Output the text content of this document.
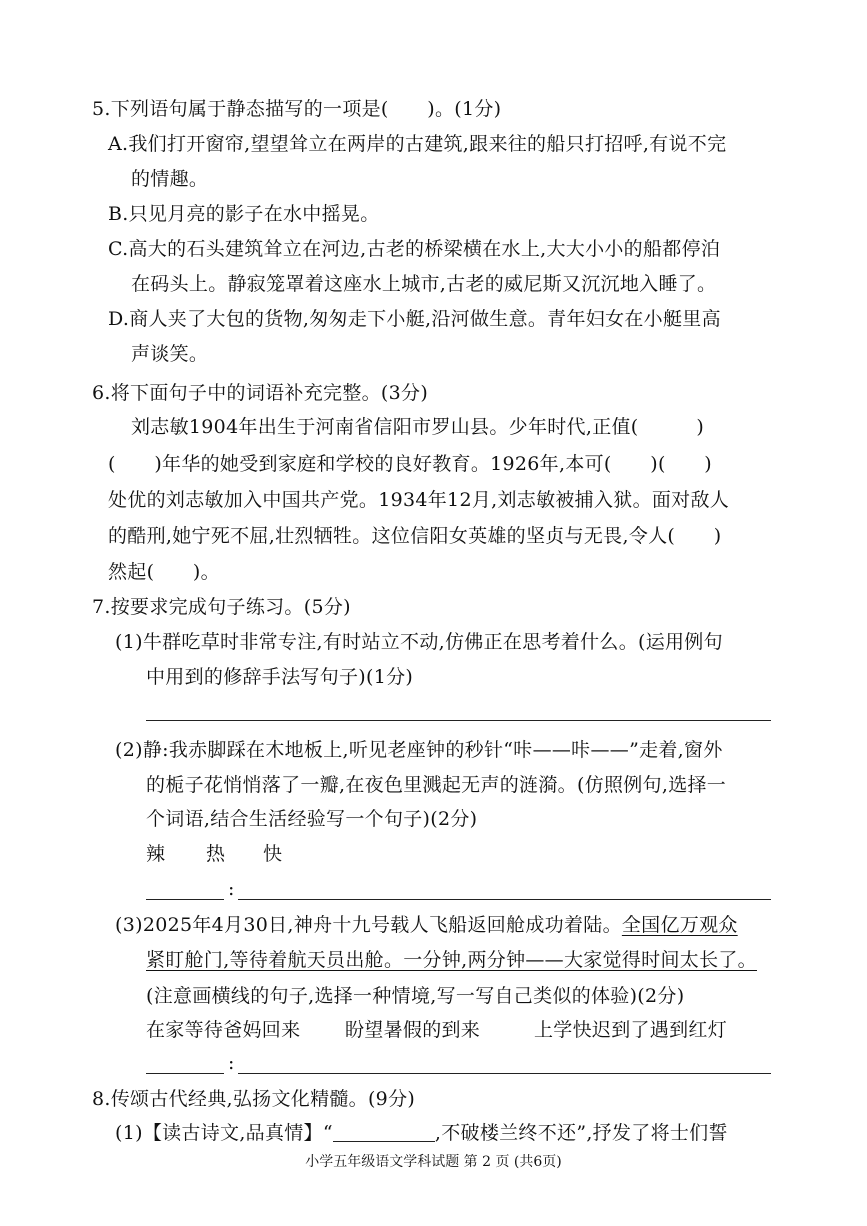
5.下列语句属于静态描写的一项是(　　)。(1分)
A.我们打开窗帘,望望耸立在两岸的古建筑,跟来往的船只打招呼,有说不完
的情趣。
B.只见月亮的影子在水中摇晃。
C.高大的石头建筑耸立在河边,古老的桥梁横在水上,大大小小的船都停泊
在码头上。静寂笼罩着这座水上城市,古老的威尼斯又沉沉地入睡了。
D.商人夹了大包的货物,匆匆走下小艇,沿河做生意。青年妇女在小艇里高
声谈笑。
6.将下面句子中的词语补充完整。(3分)
刘志敏1904年出生于河南省信阳市罗山县。少年时代,正值(　　　)
(　　)年华的她受到家庭和学校的良好教育。1926年,本可(　　)(　　)
处优的刘志敏加入中国共产党。1934年12月,刘志敏被捕入狱。面对敌人
的酷刑,她宁死不屈,壮烈牺牲。这位信阳女英雄的坚贞与无畏,令人(　　)
然起(　　)。
7.按要求完成句子练习。(5分)
(1)牛群吃草时非常专注,有时站立不动,仿佛正在思考着什么。(运用例句
中用到的修辞手法写句子)(1分)
(2)静:我赤脚踩在木地板上,听见老座钟的秒针“咔——咔——”走着,窗外
的栀子花悄悄落了一瓣,在夜色里溅起无声的涟漪。(仿照例句,选择一
个词语,结合生活经验写一个句子)(2分)
辣 热 快
:
(3)2025年4月30日,神舟十九号载人飞船返回舱成功着陆。全国亿万观众
紧盯舱门,等待着航天员出舱。一分钟,两分钟——大家觉得时间太长了。
(注意画横线的句子,选择一种情境,写一写自己类似的体验)(2分)
在家等待爸妈回来 盼望暑假的到来	上学快迟到了遇到红灯
:
8.传颂古代经典,弘扬文化精髓。(9分)
(1)【读古诗文,品真情】“	,不破楼兰终不还”,抒发了将士们誓
小学五年级语文学科试题 第 2 页 (共6页)
